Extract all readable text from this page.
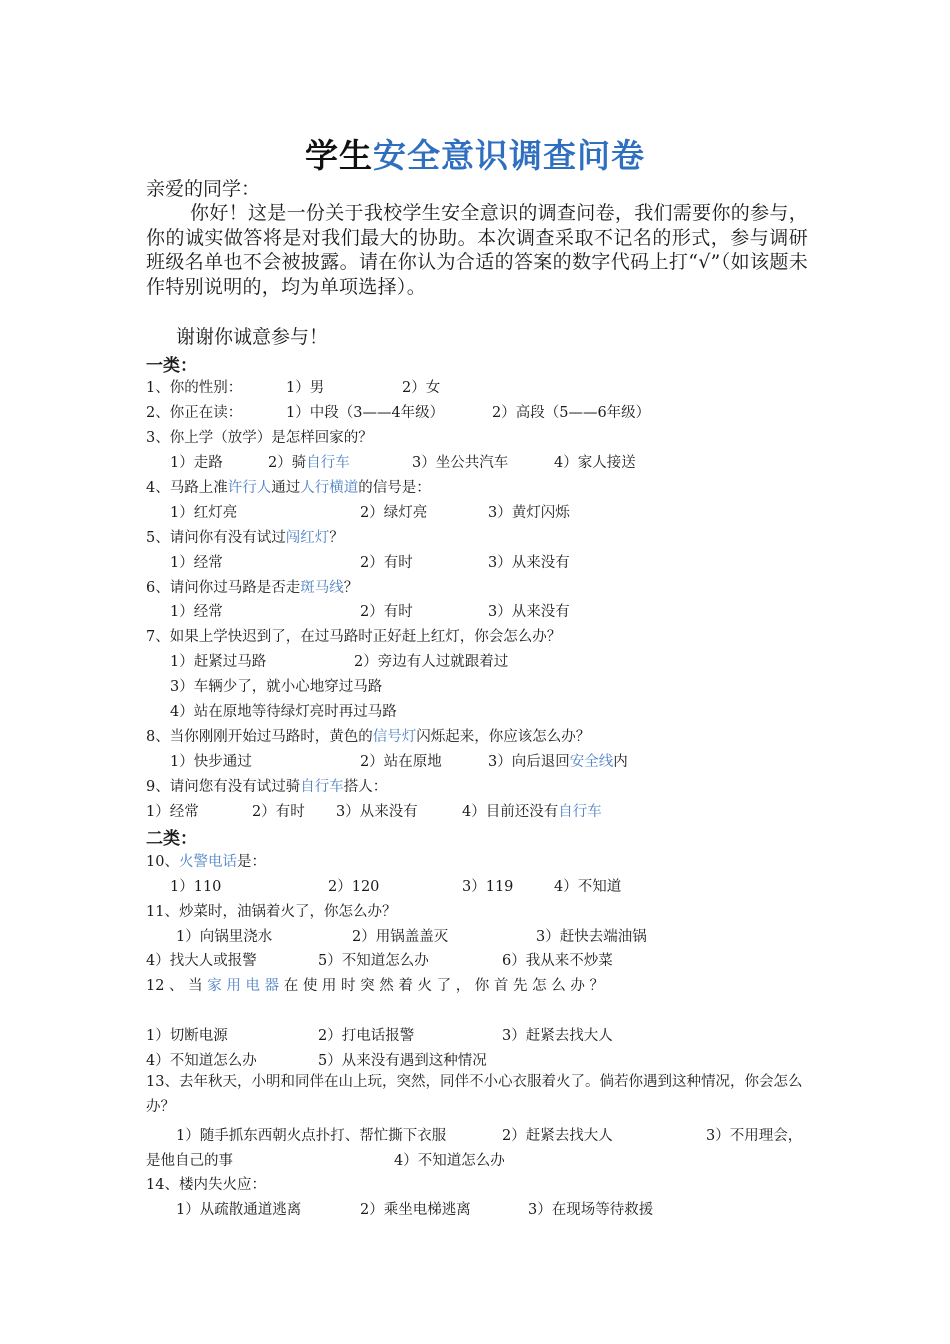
学生安全意识调查问卷
亲爱的同学：
你好！这是一份关于我校学生安全意识的调查问卷，我们需要你的参与，你的诚实做答将是对我们最大的协助。本次调查采取不记名的形式，参与调研班级名单也不会被披露。请在你认为合适的答案的数字代码上打“√”（如该题未作特别说明的，均为单项选择）。
谢谢你诚意参与！
一类：
1、你的性别：	1）男	2）女
2、你正在读：	1）中段（3——4年级）	2）高段（5——6年级）
3、你上学（放学）是怎样回家的？
1）走路	2）骑自行车	3）坐公共汽车	4）家人接送
4、马路上准许行人通过人行横道的信号是：
1）红灯亮	2）绿灯亮	3）黄灯闪烁
5、请问你有没有试过闯红灯？
1）经常	2）有时	3）从来没有
6、请问你过马路是否走斑马线？
1）经常	2）有时	3）从来没有
7、如果上学快迟到了，在过马路时正好赶上红灯，你会怎么办？
1）赶紧过马路	2）旁边有人过就跟着过
3）车辆少了，就小心地穿过马路
4）站在原地等待绿灯亮时再过马路
8、当你刚刚开始过马路时，黄色的信号灯闪烁起来，你应该怎么办？
1）快步通过	2）站在原地	3）向后退回安全线内
9、请问您有没有试过骑自行车搭人：
1）经常	2）有时 3）从来没有	4）目前还没有自行车
二类：
10、火警电话是：
1）110	2）120	3）119	4）不知道
11、炒菜时，油锅着火了，你怎么办？
1）向锅里浇水	2）用锅盖盖灭	3）赶快去端油锅
4）找大人或报警	5）不知道怎么办	6）我从来不炒菜
12 、 当 家 用 电 器 在 使 用 时 突 然 着 火 了 ， 你 首 先 怎 么 办 ？
1）切断电源	2）打电话报警	3）赶紧去找大人
4）不知道怎么办	5）从来没有遇到这种情况
13、去年秋天，小明和同伴在山上玩，突然，同伴不小心衣服着火了。倘若你遇到这种情况，你会怎么办？
1）随手抓东西朝火点扑打、帮忙撕下衣服	2）赶紧去找大人	3）不用理会，
是他自己的事	4）不知道怎么办
14、楼内失火应：
1）从疏散通道逃离	2）乘坐电梯逃离	3）在现场等待救援
